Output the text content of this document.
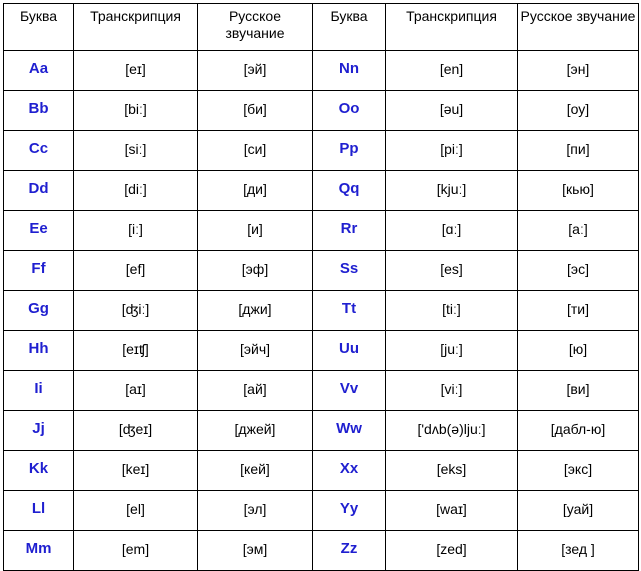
Буква	Транскрипция	Русское звучание	Буква	Транскрипция	Русское звучание
Aa	[eɪ]	[эй]	Nn	[en]	[эн]
Bb	[biː]	[би]	Oo	[əu]	[оу]
Cc	[siː]	[си]	Pp	[piː]	[пи]
Dd	[diː]	[ди]	Qq	[kjuː]	[кью]
Ee	[iː]	[и]	Rr	[ɑː]	[аː]
Ff	[ef]	[эф]	Ss	[es]	[эс]
Gg	[ʤiː]	[джи]	Tt	[tiː]	[ти]
Hh	[eɪʧ]	[эйч]	Uu	[juː]	[ю]
Ii	[aɪ]	[ай]	Vv	[viː]	[ви]
Jj	[ʤeɪ]	[джей]	Ww	['dʌb(ə)ljuː]	[дабл-ю]
Kk	[keɪ]	[кей]	Xx	[eks]	[экс]
Ll	[el]	[эл]	Yy	[waɪ]	[уай]
Mm	[em]	[эм]	Zz	[zed]	[зед ]
